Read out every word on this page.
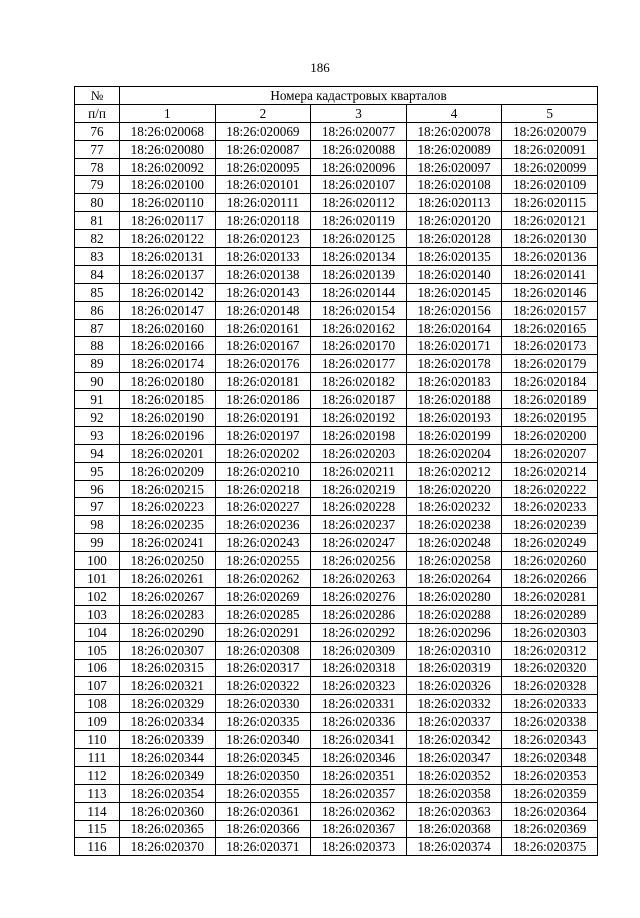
186
№	Номера кадастровых кварталов				
п/п	1	2	3	4	5
76	18:26:020068	18:26:020069	18:26:020077	18:26:020078	18:26:020079
77	18:26:020080	18:26:020087	18:26:020088	18:26:020089	18:26:020091
78	18:26:020092	18:26:020095	18:26:020096	18:26:020097	18:26:020099
79	18:26:020100	18:26:020101	18:26:020107	18:26:020108	18:26:020109
80	18:26:020110	18:26:020111	18:26:020112	18:26:020113	18:26:020115
81	18:26:020117	18:26:020118	18:26:020119	18:26:020120	18:26:020121
82	18:26:020122	18:26:020123	18:26:020125	18:26:020128	18:26:020130
83	18:26:020131	18:26:020133	18:26:020134	18:26:020135	18:26:020136
84	18:26:020137	18:26:020138	18:26:020139	18:26:020140	18:26:020141
85	18:26:020142	18:26:020143	18:26:020144	18:26:020145	18:26:020146
86	18:26:020147	18:26:020148	18:26:020154	18:26:020156	18:26:020157
87	18:26:020160	18:26:020161	18:26:020162	18:26:020164	18:26:020165
88	18:26:020166	18:26:020167	18:26:020170	18:26:020171	18:26:020173
89	18:26:020174	18:26:020176	18:26:020177	18:26:020178	18:26:020179
90	18:26:020180	18:26:020181	18:26:020182	18:26:020183	18:26:020184
91	18:26:020185	18:26:020186	18:26:020187	18:26:020188	18:26:020189
92	18:26:020190	18:26:020191	18:26:020192	18:26:020193	18:26:020195
93	18:26:020196	18:26:020197	18:26:020198	18:26:020199	18:26:020200
94	18:26:020201	18:26:020202	18:26:020203	18:26:020204	18:26:020207
95	18:26:020209	18:26:020210	18:26:020211	18:26:020212	18:26:020214
96	18:26:020215	18:26:020218	18:26:020219	18:26:020220	18:26:020222
97	18:26:020223	18:26:020227	18:26:020228	18:26:020232	18:26:020233
98	18:26:020235	18:26:020236	18:26:020237	18:26:020238	18:26:020239
99	18:26:020241	18:26:020243	18:26:020247	18:26:020248	18:26:020249
100	18:26:020250	18:26:020255	18:26:020256	18:26:020258	18:26:020260
101	18:26:020261	18:26:020262	18:26:020263	18:26:020264	18:26:020266
102	18:26:020267	18:26:020269	18:26:020276	18:26:020280	18:26:020281
103	18:26:020283	18:26:020285	18:26:020286	18:26:020288	18:26:020289
104	18:26:020290	18:26:020291	18:26:020292	18:26:020296	18:26:020303
105	18:26:020307	18:26:020308	18:26:020309	18:26:020310	18:26:020312
106	18:26:020315	18:26:020317	18:26:020318	18:26:020319	18:26:020320
107	18:26:020321	18:26:020322	18:26:020323	18:26:020326	18:26:020328
108	18:26:020329	18:26:020330	18:26:020331	18:26:020332	18:26:020333
109	18:26:020334	18:26:020335	18:26:020336	18:26:020337	18:26:020338
110	18:26:020339	18:26:020340	18:26:020341	18:26:020342	18:26:020343
111	18:26:020344	18:26:020345	18:26:020346	18:26:020347	18:26:020348
112	18:26:020349	18:26:020350	18:26:020351	18:26:020352	18:26:020353
113	18:26:020354	18:26:020355	18:26:020357	18:26:020358	18:26:020359
114	18:26:020360	18:26:020361	18:26:020362	18:26:020363	18:26:020364
115	18:26:020365	18:26:020366	18:26:020367	18:26:020368	18:26:020369
116	18:26:020370	18:26:020371	18:26:020373	18:26:020374	18:26:020375
